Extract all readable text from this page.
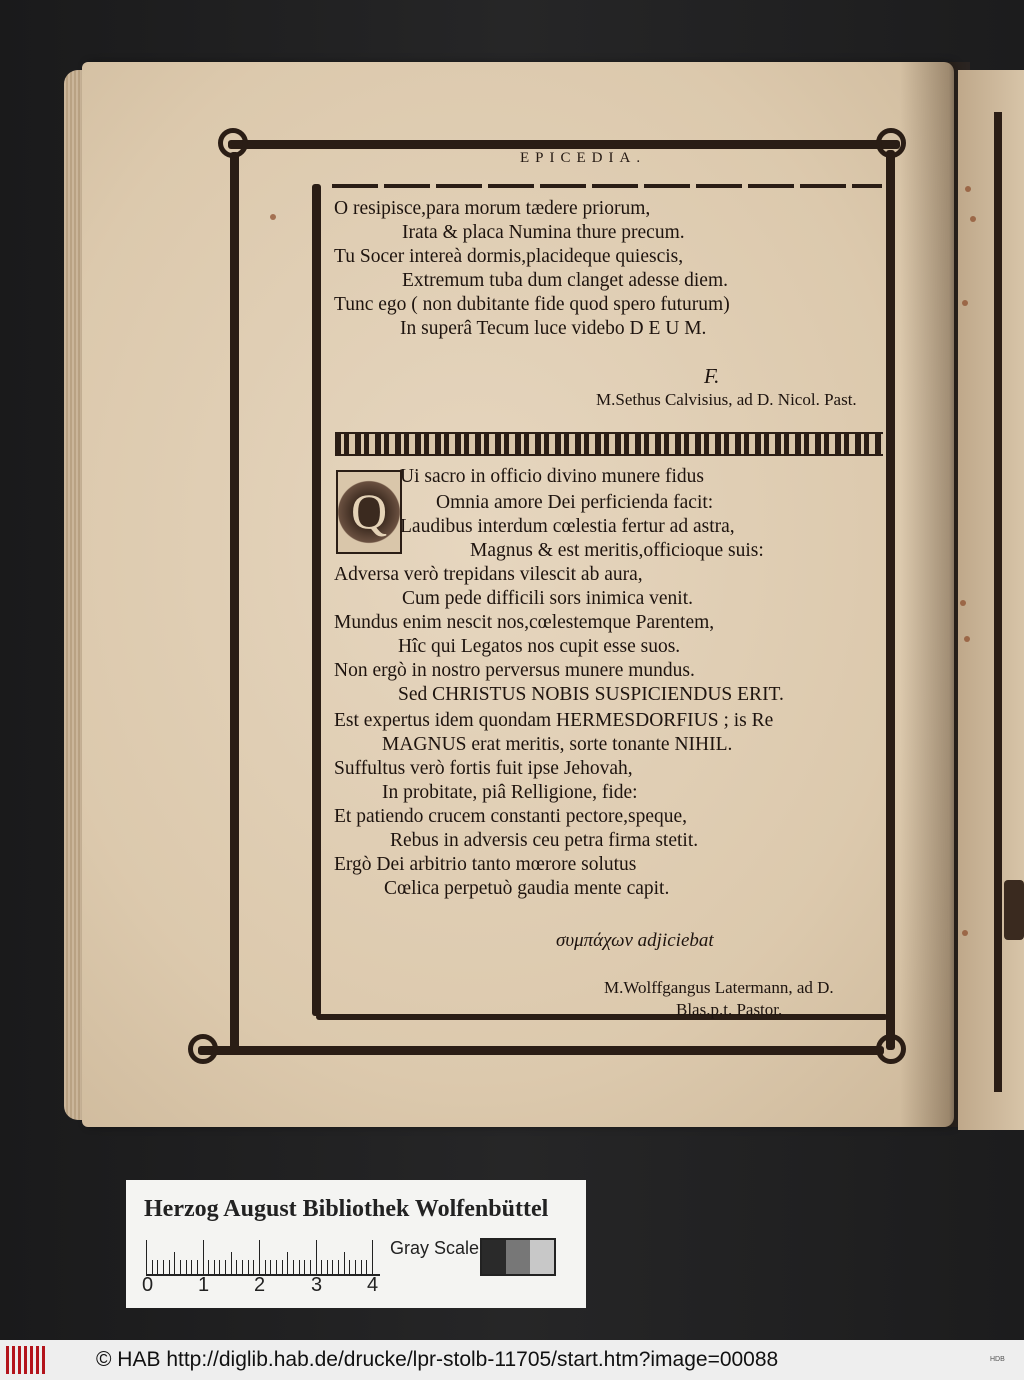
EPICEDIA.
O resipisce,para morum tædere priorum,
Irata & placa Numina thure precum.
Tu Socer intereà dormis,placideque quiescis,
Extremum tuba dum clanget adesse diem.
Tunc ego ( non dubitante fide quod spero futurum)
In superâ Tecum luce videbo D E U M.
F.
M.Sethus Calvisius, ad D. Nicol. Past.
Q
Ui sacro in officio divino munere fidus
Omnia amore Dei perficienda facit:
Laudibus interdum cœlestia fertur ad astra,
Magnus & est meritis,officioque suis:
Adversa verò trepidans vilescit ab aura,
Cum pede difficili sors inimica venit.
Mundus enim nescit nos,cœlestemque Parentem,
Hîc qui Legatos nos cupit esse suos.
Non ergò in nostro perversus munere mundus.
Sed CHRISTUS NOBIS SUSPICIENDUS ERIT.
Est expertus idem quondam HERMESDORFIUS ; is Re
MAGNUS erat meritis, sorte tonante NIHIL.
Suffultus verò fortis fuit ipse Jehovah,
In probitate, piâ Relligione, fide:
Et patiendo crucem constanti pectore,speque,
Rebus in adversis ceu petra firma stetit.
Ergò Dei arbitrio tanto mœrore solutus
Cœlica perpetuò gaudia mente capit.
συμπάχων adjiciebat
M.Wolffgangus Latermann, ad D.
Blas.p.t. Pastor.
Herzog August Bibliothek Wolfenbüttel
0 1 2 3 4
Gray Scale
© HAB http://diglib.hab.de/drucke/lpr-stolb-11705/start.htm?image=00088	HDB
